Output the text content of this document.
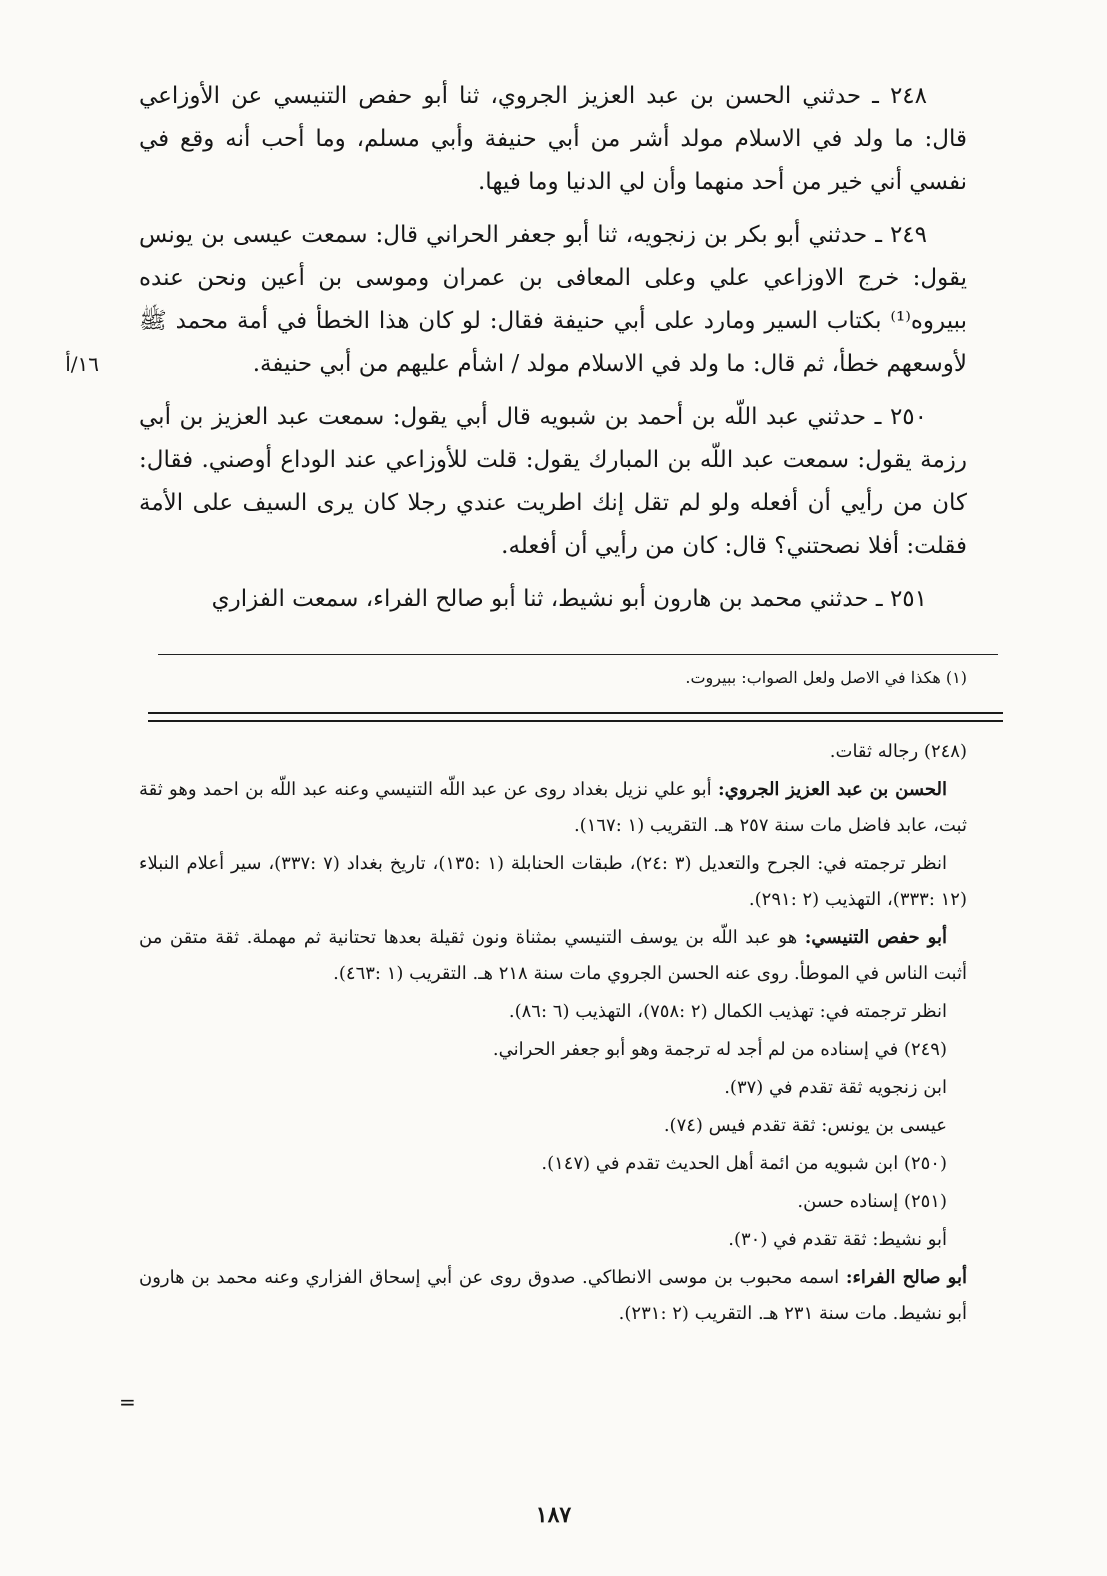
٢٤٨ ـ حدثني الحسن بن عبد العزيز الجروي، ثنا أبو حفص التنيسي عن الأوزاعي قال: ما ولد في الاسلام مولد أشر من أبي حنيفة وأبي مسلم، وما أحب أنه وقع في نفسي أني خير من أحد منهما وأن لي الدنيا وما فيها.

٢٤٩ ـ حدثني أبو بكر بن زنجويه، ثنا أبو جعفر الحراني قال: سمعت عيسى بن يونس يقول: خرج الاوزاعي علي وعلى المعافى بن عمران وموسى بن أعين ونحن عنده ببيروه⁽¹⁾ بكتاب السير ومارد على أبي حنيفة فقال: لو كان هذا الخطأ في أمة محمد ﷺ لأوسعهم خطأ، ثم قال: ما ولد في الاسلام مولد / اشأم عليهم من أبي حنيفة.

٢٥٠ ـ حدثني عبد اللّه بن أحمد بن شبويه قال أبي يقول: سمعت عبد العزيز بن أبي رزمة يقول: سمعت عبد اللّه بن المبارك يقول: قلت للأوزاعي عند الوداع أوصني. فقال: كان من رأيي أن أفعله ولو لم تقل إنك اطريت عندي رجلا كان يرى السيف على الأمة فقلت: أفلا نصحتني؟ قال: كان من رأيي أن أفعله.

٢٥١ ـ حدثني محمد بن هارون أبو نشيط، ثنا أبو صالح الفراء، سمعت الفزاري

١٦/أ
(١) هكذا في الاصل ولعل الصواب: ببيروت.

(٢٤٨) رجاله ثقات.

الحسن بن عبد العزيز الجروي: أبو علي نزيل بغداد روى عن عبد اللّه التنيسي وعنه عبد اللّه بن احمد وهو ثقة ثبت، عابد فاضل مات سنة ٢٥٧ هـ. التقريب (١ :١٦٧).

انظر ترجمته في: الجرح والتعديل (٣ :٢٤)، طبقات الحنابلة (١ :١٣٥)، تاريخ بغداد (٧ :٣٣٧)، سير أعلام النبلاء (١٢ :٣٣٣)، التهذيب (٢ :٢٩١).

أبو حفص التنيسي: هو عبد اللّه بن يوسف التنيسي بمثناة ونون ثقيلة بعدها تحتانية ثم مهملة. ثقة متقن من أثبت الناس في الموطأ. روى عنه الحسن الجروي مات سنة ٢١٨ هـ. التقريب (١ :٤٦٣).

انظر ترجمته في: تهذيب الكمال (٢ :٧٥٨)، التهذيب (٦ :٨٦).

(٢٤٩) في إسناده من لم أجد له ترجمة وهو أبو جعفر الحراني.

ابن زنجويه ثقة تقدم في (٣٧).

عيسى بن يونس: ثقة تقدم فيس (٧٤).

(٢٥٠) ابن شبويه من ائمة أهل الحديث تقدم في (١٤٧).

(٢٥١) إسناده حسن.

أبو نشيط: ثقة تقدم في (٣٠).

أبو صالح الفراء: اسمه محبوب بن موسى الانطاكي. صدوق روى عن أبي إسحاق الفزاري وعنه محمد بن هارون أبو نشيط. مات سنة ٢٣١ هـ. التقريب (٢ :٢٣١).

=
١٨٧
